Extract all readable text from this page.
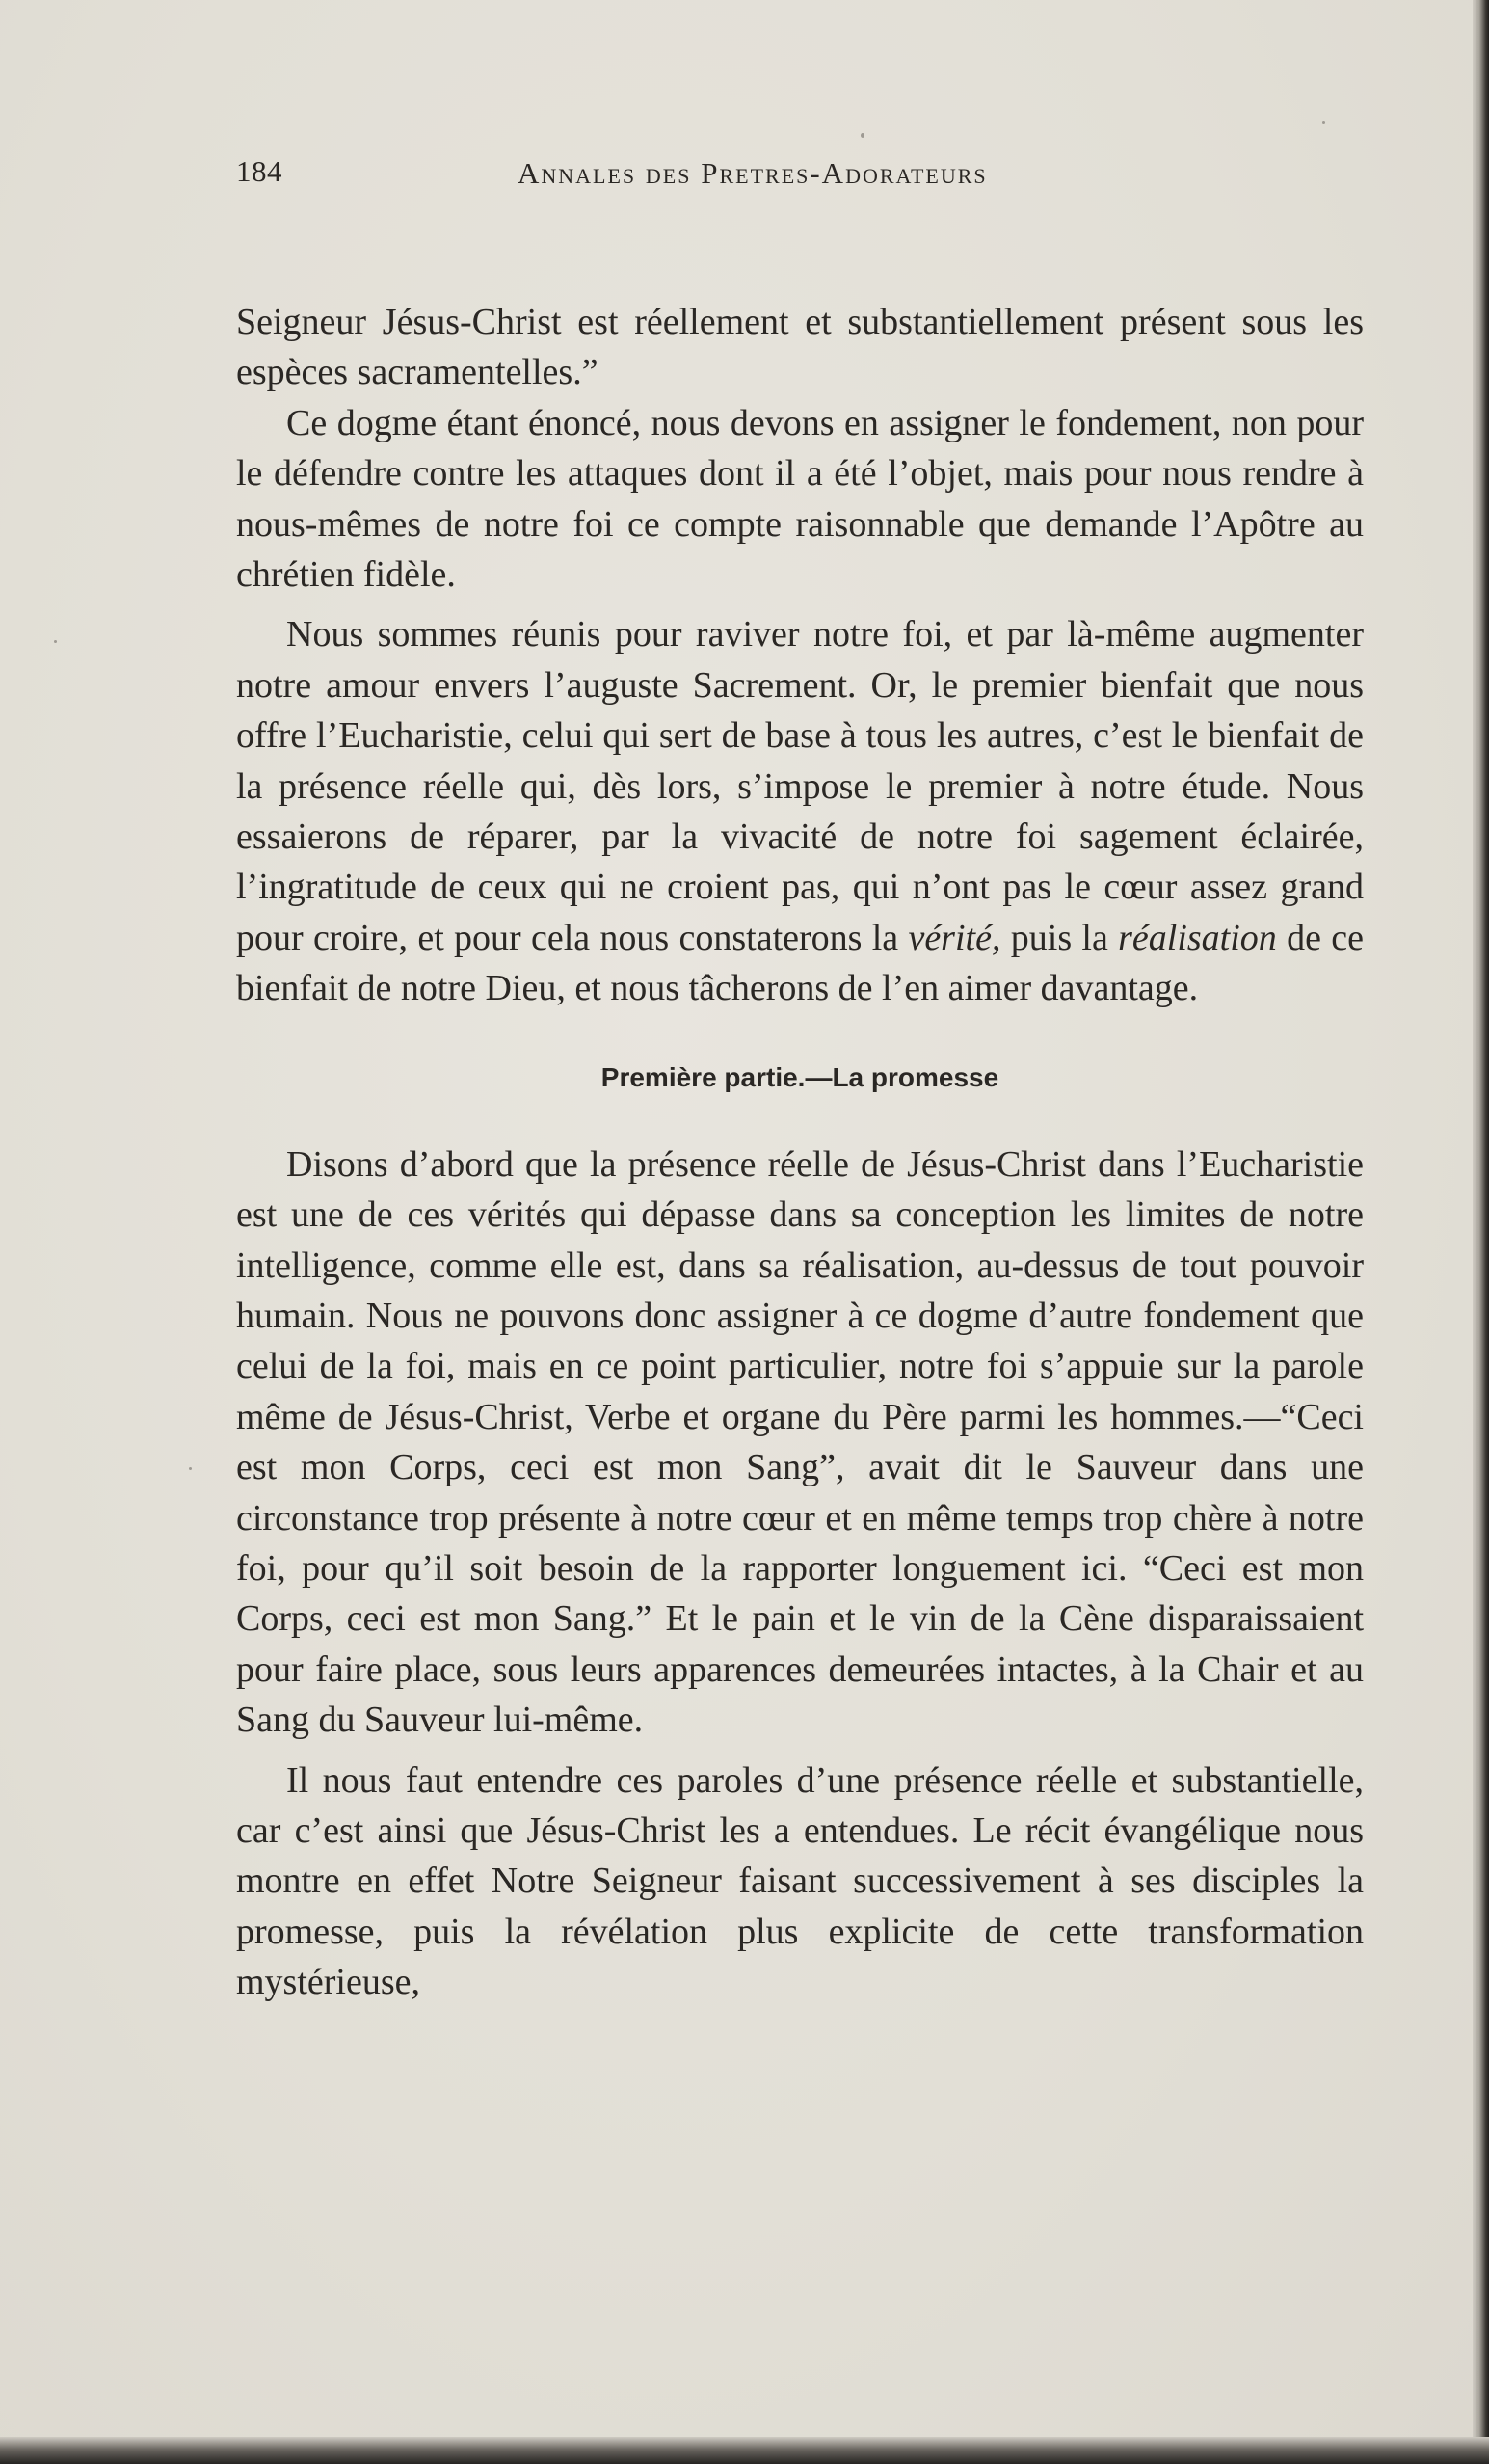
184	Annales des Pretres-Adorateurs

Seigneur Jésus-Christ est réellement et substantiellement présent sous les espèces sacramentelles.”

Ce dogme étant énoncé, nous devons en assigner le fondement, non pour le défendre contre les attaques dont il a été l’objet, mais pour nous rendre à nous-mêmes de notre foi ce compte raisonnable que demande l’Apôtre au chrétien fidèle.

Nous sommes réunis pour raviver notre foi, et par là-même augmenter notre amour envers l’auguste Sacrement. Or, le premier bienfait que nous offre l’Eucharistie, celui qui sert de base à tous les autres, c’est le bienfait de la présence réelle qui, dès lors, s’impose le premier à notre étude. Nous essaierons de réparer, par la vivacité de notre foi sagement éclairée, l’ingratitude de ceux qui ne croient pas, qui n’ont pas le cœur assez grand pour croire, et pour cela nous constaterons la vérité, puis la réalisation de ce bienfait de notre Dieu, et nous tâcherons de l’en aimer davantage.

Première partie.—La promesse

Disons d’abord que la présence réelle de Jésus-Christ dans l’Eucharistie est une de ces vérités qui dépasse dans sa conception les limites de notre intelligence, comme elle est, dans sa réalisation, au-dessus de tout pouvoir humain. Nous ne pouvons donc assigner à ce dogme d’autre fondement que celui de la foi, mais en ce point particulier, notre foi s’appuie sur la parole même de Jésus-Christ, Verbe et organe du Père parmi les hommes.—“Ceci est mon Corps, ceci est mon Sang”, avait dit le Sauveur dans une circonstance trop présente à notre cœur et en même temps trop chère à notre foi, pour qu’il soit besoin de la rapporter longuement ici. “Ceci est mon Corps, ceci est mon Sang.” Et le pain et le vin de la Cène disparaissaient pour faire place, sous leurs apparences demeurées intactes, à la Chair et au Sang du Sauveur lui-même.

Il nous faut entendre ces paroles d’une présence réelle et substantielle, car c’est ainsi que Jésus-Christ les a entendues. Le récit évangélique nous montre en effet Notre Seigneur faisant successivement à ses disciples la promesse, puis la révélation plus explicite de cette transformation mystérieuse,
